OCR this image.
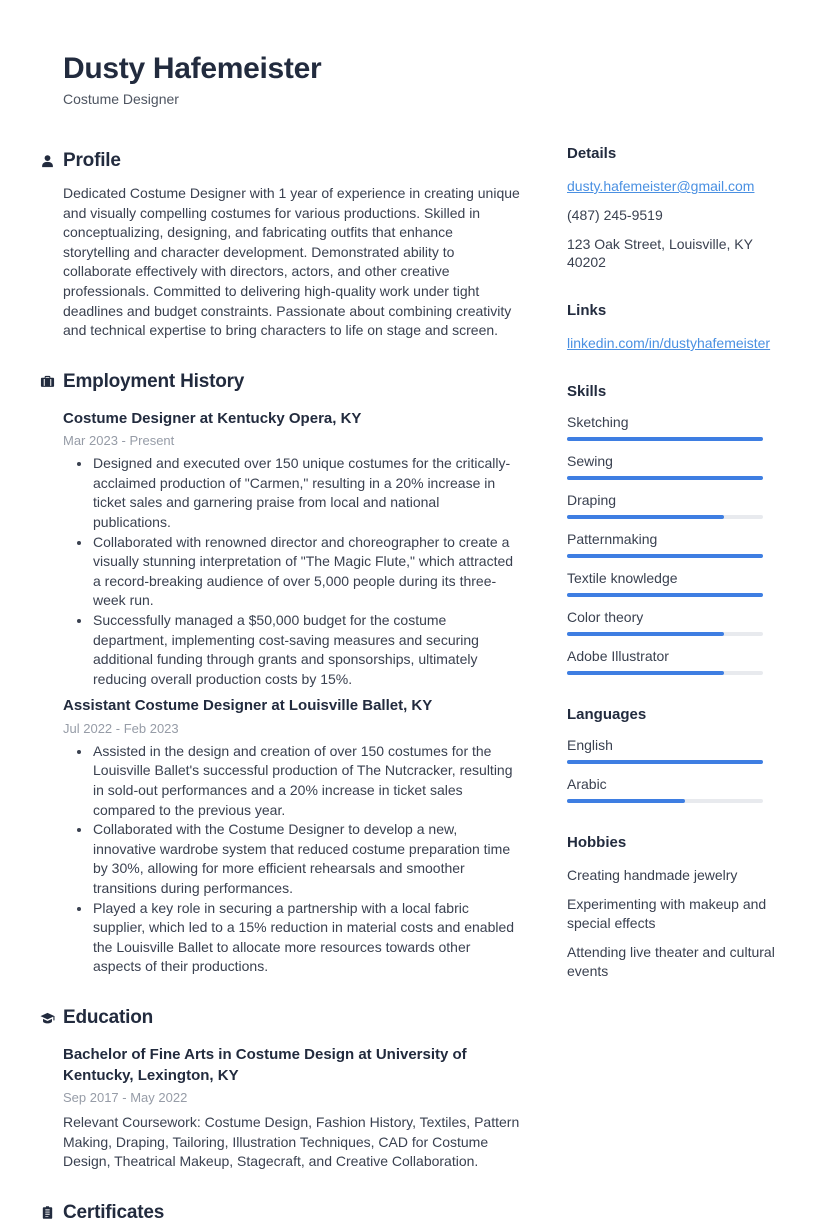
Dusty Hafemeister
Costume Designer
Profile
Dedicated Costume Designer with 1 year of experience in creating unique and visually compelling costumes for various productions. Skilled in conceptualizing, designing, and fabricating outfits that enhance storytelling and character development. Demonstrated ability to collaborate effectively with directors, actors, and other creative professionals. Committed to delivering high-quality work under tight deadlines and budget constraints. Passionate about combining creativity and technical expertise to bring characters to life on stage and screen.
Employment History
Costume Designer at Kentucky Opera, KY
Mar 2023 - Present
• Designed and executed over 150 unique costumes for the critically-acclaimed production of "Carmen," resulting in a 20% increase in ticket sales and garnering praise from local and national publications.
• Collaborated with renowned director and choreographer to create a visually stunning interpretation of "The Magic Flute," which attracted a record-breaking audience of over 5,000 people during its three-week run.
• Successfully managed a $50,000 budget for the costume department, implementing cost-saving measures and securing additional funding through grants and sponsorships, ultimately reducing overall production costs by 15%.
Assistant Costume Designer at Louisville Ballet, KY
Jul 2022 - Feb 2023
• Assisted in the design and creation of over 150 costumes for the Louisville Ballet's successful production of The Nutcracker, resulting in sold-out performances and a 20% increase in ticket sales compared to the previous year.
• Collaborated with the Costume Designer to develop a new, innovative wardrobe system that reduced costume preparation time by 30%, allowing for more efficient rehearsals and smoother transitions during performances.
• Played a key role in securing a partnership with a local fabric supplier, which led to a 15% reduction in material costs and enabled the Louisville Ballet to allocate more resources towards other aspects of their productions.
Education
Bachelor of Fine Arts in Costume Design at University of Kentucky, Lexington, KY
Sep 2017 - May 2022
Relevant Coursework: Costume Design, Fashion History, Textiles, Pattern Making, Draping, Tailoring, Illustration Techniques, CAD for Costume Design, Theatrical Makeup, Stagecraft, and Creative Collaboration.
Certificates
Details
dusty.hafemeister@gmail.com
(487) 245-9519
123 Oak Street, Louisville, KY 40202
Links
linkedin.com/in/dustyhafemeister
Skills
Sketching
Sewing
Draping
Patternmaking
Textile knowledge
Color theory
Adobe Illustrator
Languages
English
Arabic
Hobbies
Creating handmade jewelry
Experimenting with makeup and special effects
Attending live theater and cultural events
